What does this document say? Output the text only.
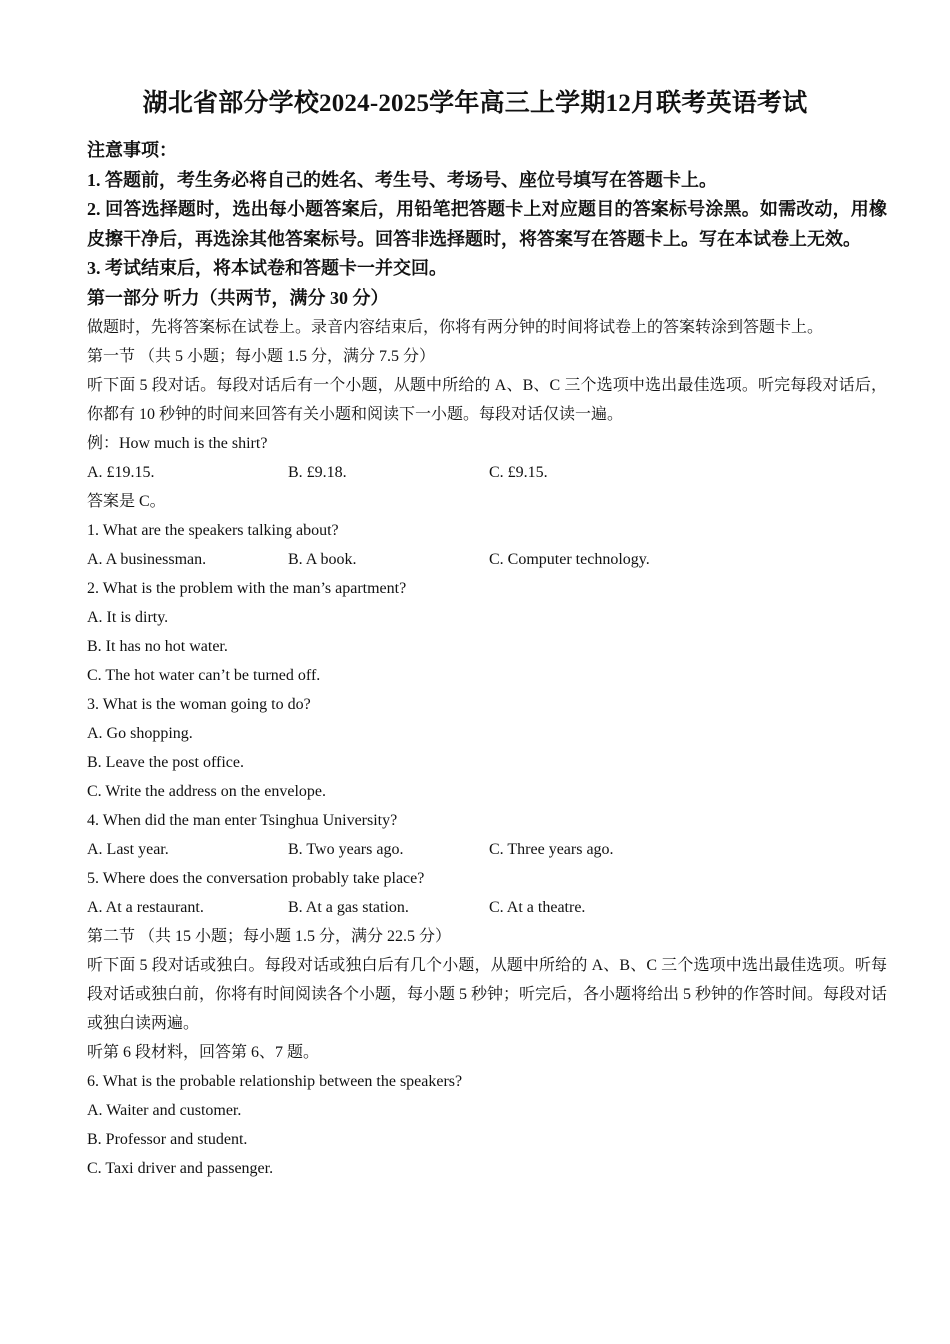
湖北省部分学校2024-2025学年高三上学期12月联考英语考试

注意事项：

1. 答题前，考生务必将自己的姓名、考生号、考场号、座位号填写在答题卡上。

2. 回答选择题时，选出每小题答案后，用铅笔把答题卡上对应题目的答案标号涂黑。如需改动，用橡皮擦干净后，再选涂其他答案标号。回答非选择题时，将答案写在答题卡上。写在本试卷上无效。

3. 考试结束后，将本试卷和答题卡一并交回。

第一部分 听力（共两节，满分 30 分）

做题时，先将答案标在试卷上。录音内容结束后，你将有两分钟的时间将试卷上的答案转涂到答题卡上。

第一节 （共 5 小题；每小题 1.5 分，满分 7.5 分）

听下面 5 段对话。每段对话后有一个小题，从题中所给的 A、B、C 三个选项中选出最佳选项。听完每段对话后，你都有 10 秒钟的时间来回答有关小题和阅读下一小题。每段对话仅读一遍。

例：How much is the shirt?

A. £19.15.	B. £9.18.	C. £9.15.

答案是 C。

1. What are the speakers talking about?

A. A businessman.	B. A book.	C. Computer technology.

2. What is the problem with the man’s apartment?

A. It is dirty.

B. It has no hot water.

C. The hot water can’t be turned off.

3. What is the woman going to do?

A. Go shopping.

B. Leave the post office.

C. Write the address on the envelope.

4. When did the man enter Tsinghua University?

A. Last year.	B. Two years ago.	C. Three years ago.

5. Where does the conversation probably take place?

A. At a restaurant.	B. At a gas station.	C. At a theatre.

第二节 （共 15 小题；每小题 1.5 分，满分 22.5 分）

听下面 5 段对话或独白。每段对话或独白后有几个小题，从题中所给的 A、B、C 三个选项中选出最佳选项。听每段对话或独白前，你将有时间阅读各个小题，每小题 5 秒钟；听完后，各小题将给出 5 秒钟的作答时间。每段对话或独白读两遍。

听第 6 段材料，回答第 6、7 题。

6. What is the probable relationship between the speakers?

A. Waiter and customer.

B. Professor and student.

C. Taxi driver and passenger.
